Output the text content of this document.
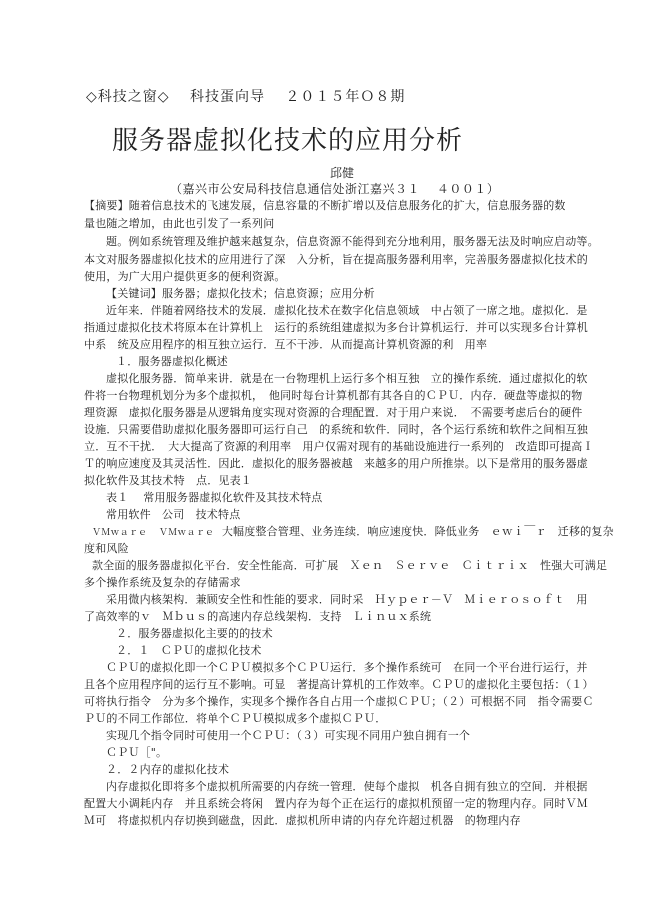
◇科技之窗◇　 科技蛋向导　 ２０１５年Ｏ８期
服务器虚拟化技术的应用分析
邱健
（嘉兴市公安局科技信息通信处浙江嘉兴３１　 ４００１）
【摘要】随着信息技术的飞速发展，信息容量的不断扩增以及信息服务化的扩大，信息服务器的数
量也随之增加，由此也引发了一系列问
题。例如系统管理及维护越来越复杂，信息资源不能得到充分地利用，服务器无法及时响应启动等。
本文对服务器虚拟化技术的应用进行了深　入分析，旨在提高服务器利用率，完善服务器虚拟化技术的
使用，为广大用户提供更多的便利资源。
【关键词】服务器；虚拟化技术；信息资源；应用分析
近年来．伴随着网络技术的发展．虚拟化技术在数字化信息领域　中占领了一席之地。虚拟化．是
指通过虚拟化技术将原本在计算机上　运行的系统组建虚拟为多台计算机运行．并可以实现多台计算机
中系　统及应用程序的相互独立运行．互不干涉．从而提高计算机资源的利　用率
１．服务器虚拟化概述
虚拟化服务器．简单来讲．就是在一台物理机上运行多个相互独　立的操作系统．通过虚拟化的软
件将一台物理机划分为多个虚拟机，　他同时每台计算机都有其各自的ＣＰＵ．内存．硬盘等虚拟的物
理资源　虚拟化服务器是从逻辑角度实现对资源的合理配置．对于用户来说．　不需要考虑后台的硬件
设施．只需要借助虚拟化服务器即可运行自己　的系统和软件．同时，各个运行系统和软件之间相互独
立．互不干扰．　大大提高了资源的利用率　用户仅需对现有的基础设施进行一系列的　改造即可提高Ｉ
Ｔ的响应速度及其灵活性．因此．虚拟化的服务器被越　来越多的用户所推崇。以下是常用的服务器虚
拟化软件及其技术特　点．见表１
表１　 常用服务器虚拟化软件及其技术特点
常用软件　公司　技术特点
ＶＭｗａｒｅ ＶＭｗａｒｅ 大幅度整合管理、业务连续．响应速度快．降低业务　ｅｗｉ￣ｒ　迁移的复杂
度和风险
款全面的服务器虚拟化平台．安全性能高．可扩展　Ｘｅｎ　Ｓｅｒｖｅ　Ｃｉｔｒｉｘ　性强大可满足
多个操作系统及复杂的存储需求
采用微内核架构．兼顾安全性和性能的要求．同时采　Ｈｙｐｅｒ－Ｖ　Ｍｉｅｒｏｓｏｆｔ　用
了高效率的ｖ　Ｍｂｕｓ的高速内存总线架构．支持　Ｌｉｎｕｘ系统
２．服务器虚拟化主要的的技术
２．１　ＣＰＵ的虚拟化技术
ＣＰＵ的虚拟化即一个ＣＰＵ模拟多个ＣＰＵ运行．多个操作系统可　在同一个平台进行运行，并
且各个应用程序间的运行互不影响。可显　著提高计算机的工作效率。ＣＰＵ的虚拟化主要包括：（１）
可将执行指令　分为多个操作，实现多个操作各自占用一个虚拟ＣＰＵ；（２）可根据不同　指令需要Ｃ
ＰＵ的不同工作部位．将单个ＣＰＵ模拟成多个虚拟ＣＰＵ．
实现几个指令同时可使用一个ＣＰＵ：（３）可实现不同用户独自拥有一个
ＣＰＵ［"。
２．２内存的虚拟化技术
内存虚拟化即将多个虚拟机所需要的内存统一管理．使每个虚拟　机各自拥有独立的空间．并根据
配置大小调耗内存　并且系统会将闲　置内存为每个正在运行的虚拟机预留一定的物理内存。同时ＶＭ
Ｍ可　将虚拟机内存切换到磁盘，因此．虚拟机所申请的内存允许超过机器　的物理内存
